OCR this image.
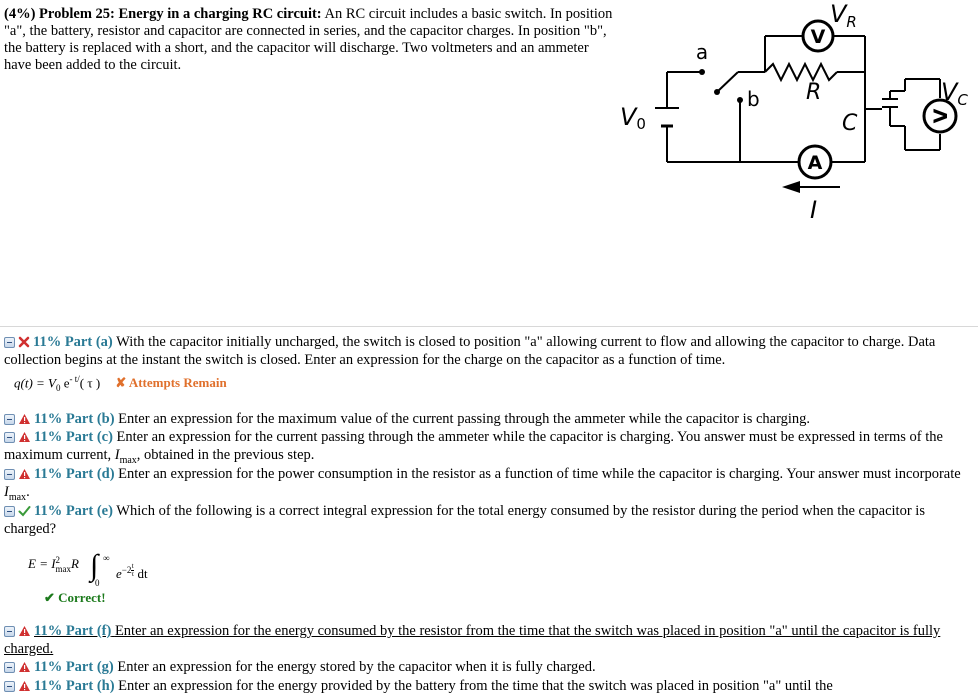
(4%) Problem 25: Energy in a charging RC circuit: An RC circuit includes a basic switch. In position "a", the battery, resistor and capacitor are connected in series, and the capacitor charges. In position "b", the battery is replaced with a short, and the capacitor will discharge. Two voltmeters and an ammeter have been added to the circuit.
V
V
A
a
b R
C
V0
$V_R$
$V_C$
I
11% Part (a) With the capacitor initially uncharged, the switch is closed to position "a" allowing current to flow and allowing the capacitor to charge. Data collection begins at the instant the switch is closed. Enter an expression for the charge on the capacitor as a function of time.
$q(t) = V_0$ $e^{- t/}$( τ ) ✘ Attempts Remain
11% Part (b) Enter an expression for the maximum value of the current passing through the ammeter while the capacitor is charging.
11% Part (c) Enter an expression for the current passing through the ammeter while the capacitor is charging. You answer must be expressed in terms of the maximum current, $I_{max}$, obtained in the previous step.
11% Part (d) Enter an expression for the power consumption in the resistor as a function of time while the capacitor is charging. Your answer must incorporate $I_{max}$.
11% Part (e) Which of the following is a correct integral expression for the total energy consumed by the resistor during the period when the capacitor is charged?
E = I 2
max R ∫ ∞
0
$e^{-2 \frac{t}{\tau}}$ dt
✔ Correct!
11% Part (f) Enter an expression for the energy consumed by the resistor from the time that the switch was placed in position "a" until the capacitor is fully charged.
11% Part (g) Enter an expression for the energy stored by the capacitor when it is fully charged.
11% Part (h) Enter an expression for the energy provided by the battery from the time that the switch was placed in position "a" until the
